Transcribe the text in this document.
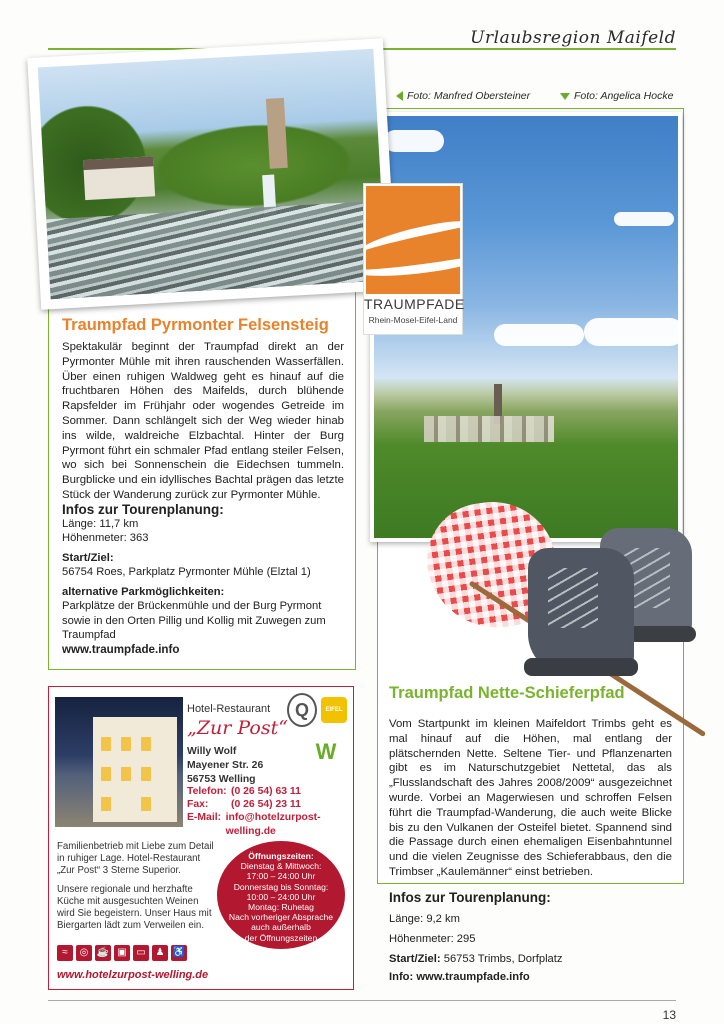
Urlaubsregion Maifeld
Foto: Manfred Obersteiner	Foto: Angelica Hocke
Traumpfad Pyrmonter Felsensteig
Spektakulär beginnt der Traumpfad direkt an der Pyrmonter Mühle mit ihren rauschenden Wasserfällen. Über einen ruhigen Waldweg geht es hinauf auf die fruchtbaren Höhen des Maifelds, durch blühende Rapsfelder im Frühjahr oder wogendes Getreide im Sommer. Dann schlängelt sich der Weg wieder hinab ins wilde, waldreiche Elzbachtal. Hinter der Burg Pyrmont führt ein schmaler Pfad entlang steiler Felsen, wo sich bei Sonnenschein die Eidechsen tummeln. Burgblicke und ein idyllisches Bachtal prägen das letzte Stück der Wanderung zurück zur Pyrmonter Mühle.
Infos zur Tourenplanung:
Länge: 11,7 km
Höhenmeter: 363
Start/Ziel:
56754 Roes, Parkplatz Pyrmonter Mühle (Elztal 1)
alternative Parkmöglichkeiten:
Parkplätze der Brückenmühle und der Burg Pyrmont sowie in den Orten Pillig und Kollig mit Zuwegen zum Traumpfad
www.traumpfade.info
TRAUMPFADE
Rhein-Mosel-Eifel-Land
Traumpfad Nette-Schieferpfad
Vom Startpunkt im kleinen Maifeldort Trimbs geht es mal hinauf auf die Höhen, mal entlang der plätschernden Nette. Seltene Tier- und Pflanzenarten gibt es im Naturschutzgebiet Nettetal, das als „Flusslandschaft des Jahres 2008/2009“ ausgezeichnet wurde. Vorbei an Magerwiesen und schroffen Felsen führt die Traumpfad-Wanderung, die auch weite Blicke bis zu den Vulkanen der Osteifel bietet. Spannend sind die Passage durch einen ehemaligen Eisenbahntunnel und die vielen Zeugnisse des Schieferabbaus, den die Trimbser „Kaulemänner“ einst betrieben.
Infos zur Tourenplanung:
Länge: 9,2 km
Höhenmeter: 295
Start/Ziel: 56753 Trimbs, Dorfplatz
Info: www.traumpfade.info
Hotel-Restaurant
„Zur Post“
Willy Wolf
Mayener Str. 26
56753 Welling
Telefon: (0 26 54) 63 11
Fax:	(0 26 54) 23 11
E-Mail: info@hotelzurpost-welling.de
Q	EIFEL
W
Familienbetrieb mit Liebe zum Detail in ruhiger Lage. Hotel-Restaurant „Zur Post“ 3 Sterne Superior.
Unsere regionale und herzhafte Küche mit ausgesuchten Weinen wird Sie begeistern. Unser Haus mit Biergarten lädt zum Verweilen ein.
Öffnungszeiten:
Dienstag & Mittwoch:
17:00 – 24:00 Uhr
Donnerstag bis Sonntag:
10:00 – 24:00 Uhr
Montag: Ruhetag
Nach vorheriger Absprache
auch außerhalb
der Öffnungszeiten
≈	◎ ☕ ▣ ▭ ♟ ♿
www.hotelzurpost-welling.de
13
